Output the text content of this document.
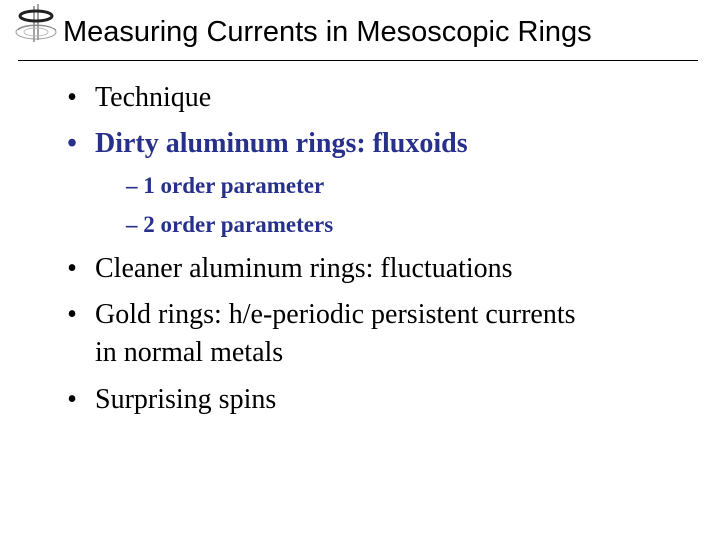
Measuring Currents in Mesoscopic Rings
• Technique
• Dirty aluminum rings: fluxoids
– 1 order parameter
– 2 order parameters
• Cleaner aluminum rings: fluctuations
• Gold rings: h/e-periodic persistent currents
in normal metals
• Surprising spins
